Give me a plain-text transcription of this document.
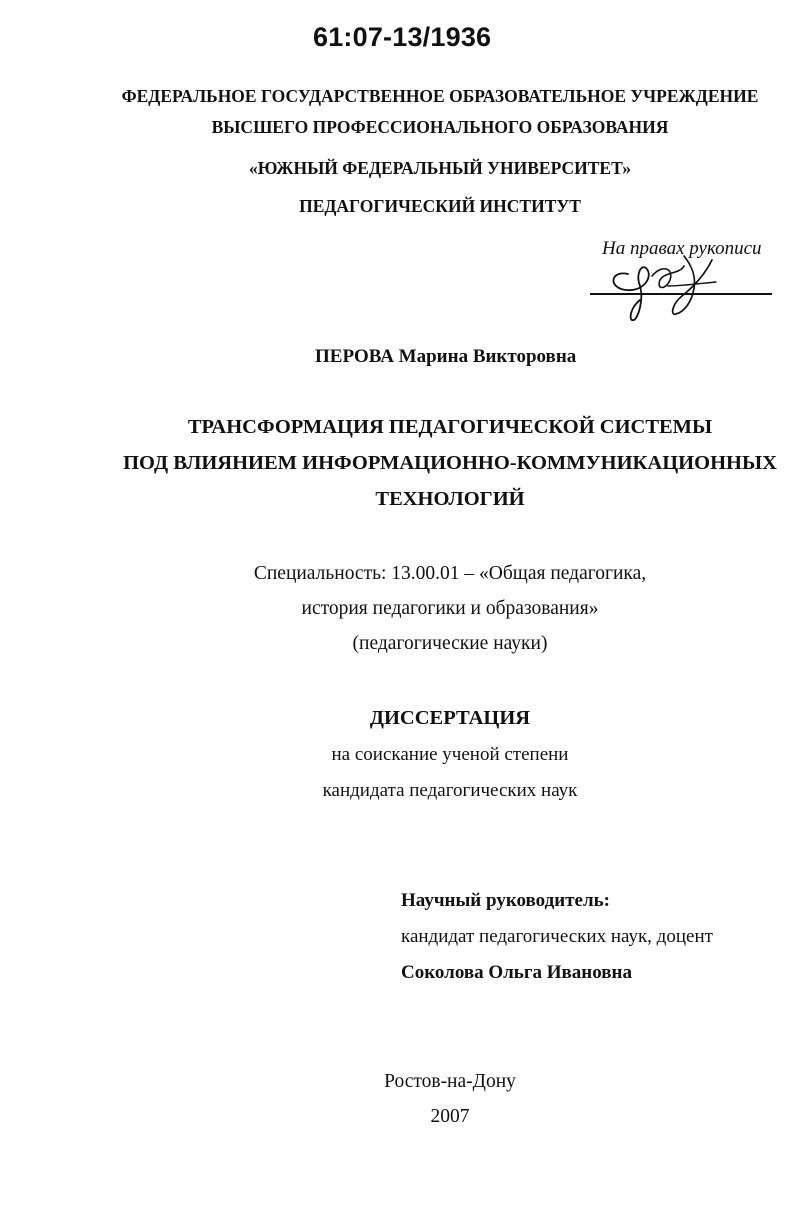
61:07-13/1936
ФЕДЕРАЛЬНОЕ ГОСУДАРСТВЕННОЕ ОБРАЗОВАТЕЛЬНОЕ УЧРЕЖДЕНИЕ
ВЫСШЕГО ПРОФЕССИОНАЛЬНОГО ОБРАЗОВАНИЯ
«ЮЖНЫЙ ФЕДЕРАЛЬНЫЙ УНИВЕРСИТЕТ»
ПЕДАГОГИЧЕСКИЙ ИНСТИТУТ
На правах рукописи
ПЕРОВА Марина Викторовна
ТРАНСФОРМАЦИЯ ПЕДАГОГИЧЕСКОЙ СИСТЕМЫ
ПОД ВЛИЯНИЕМ ИНФОРМАЦИОННО-КОММУНИКАЦИОННЫХ
ТЕХНОЛОГИЙ
Специальность: 13.00.01 – «Общая педагогика,
история педагогики и образования»
(педагогические науки)
ДИССЕРТАЦИЯ
на соискание ученой степени
кандидата педагогических наук
Научный руководитель:
кандидат педагогических наук, доцент
Соколова Ольга Ивановна
Ростов-на-Дону
2007
